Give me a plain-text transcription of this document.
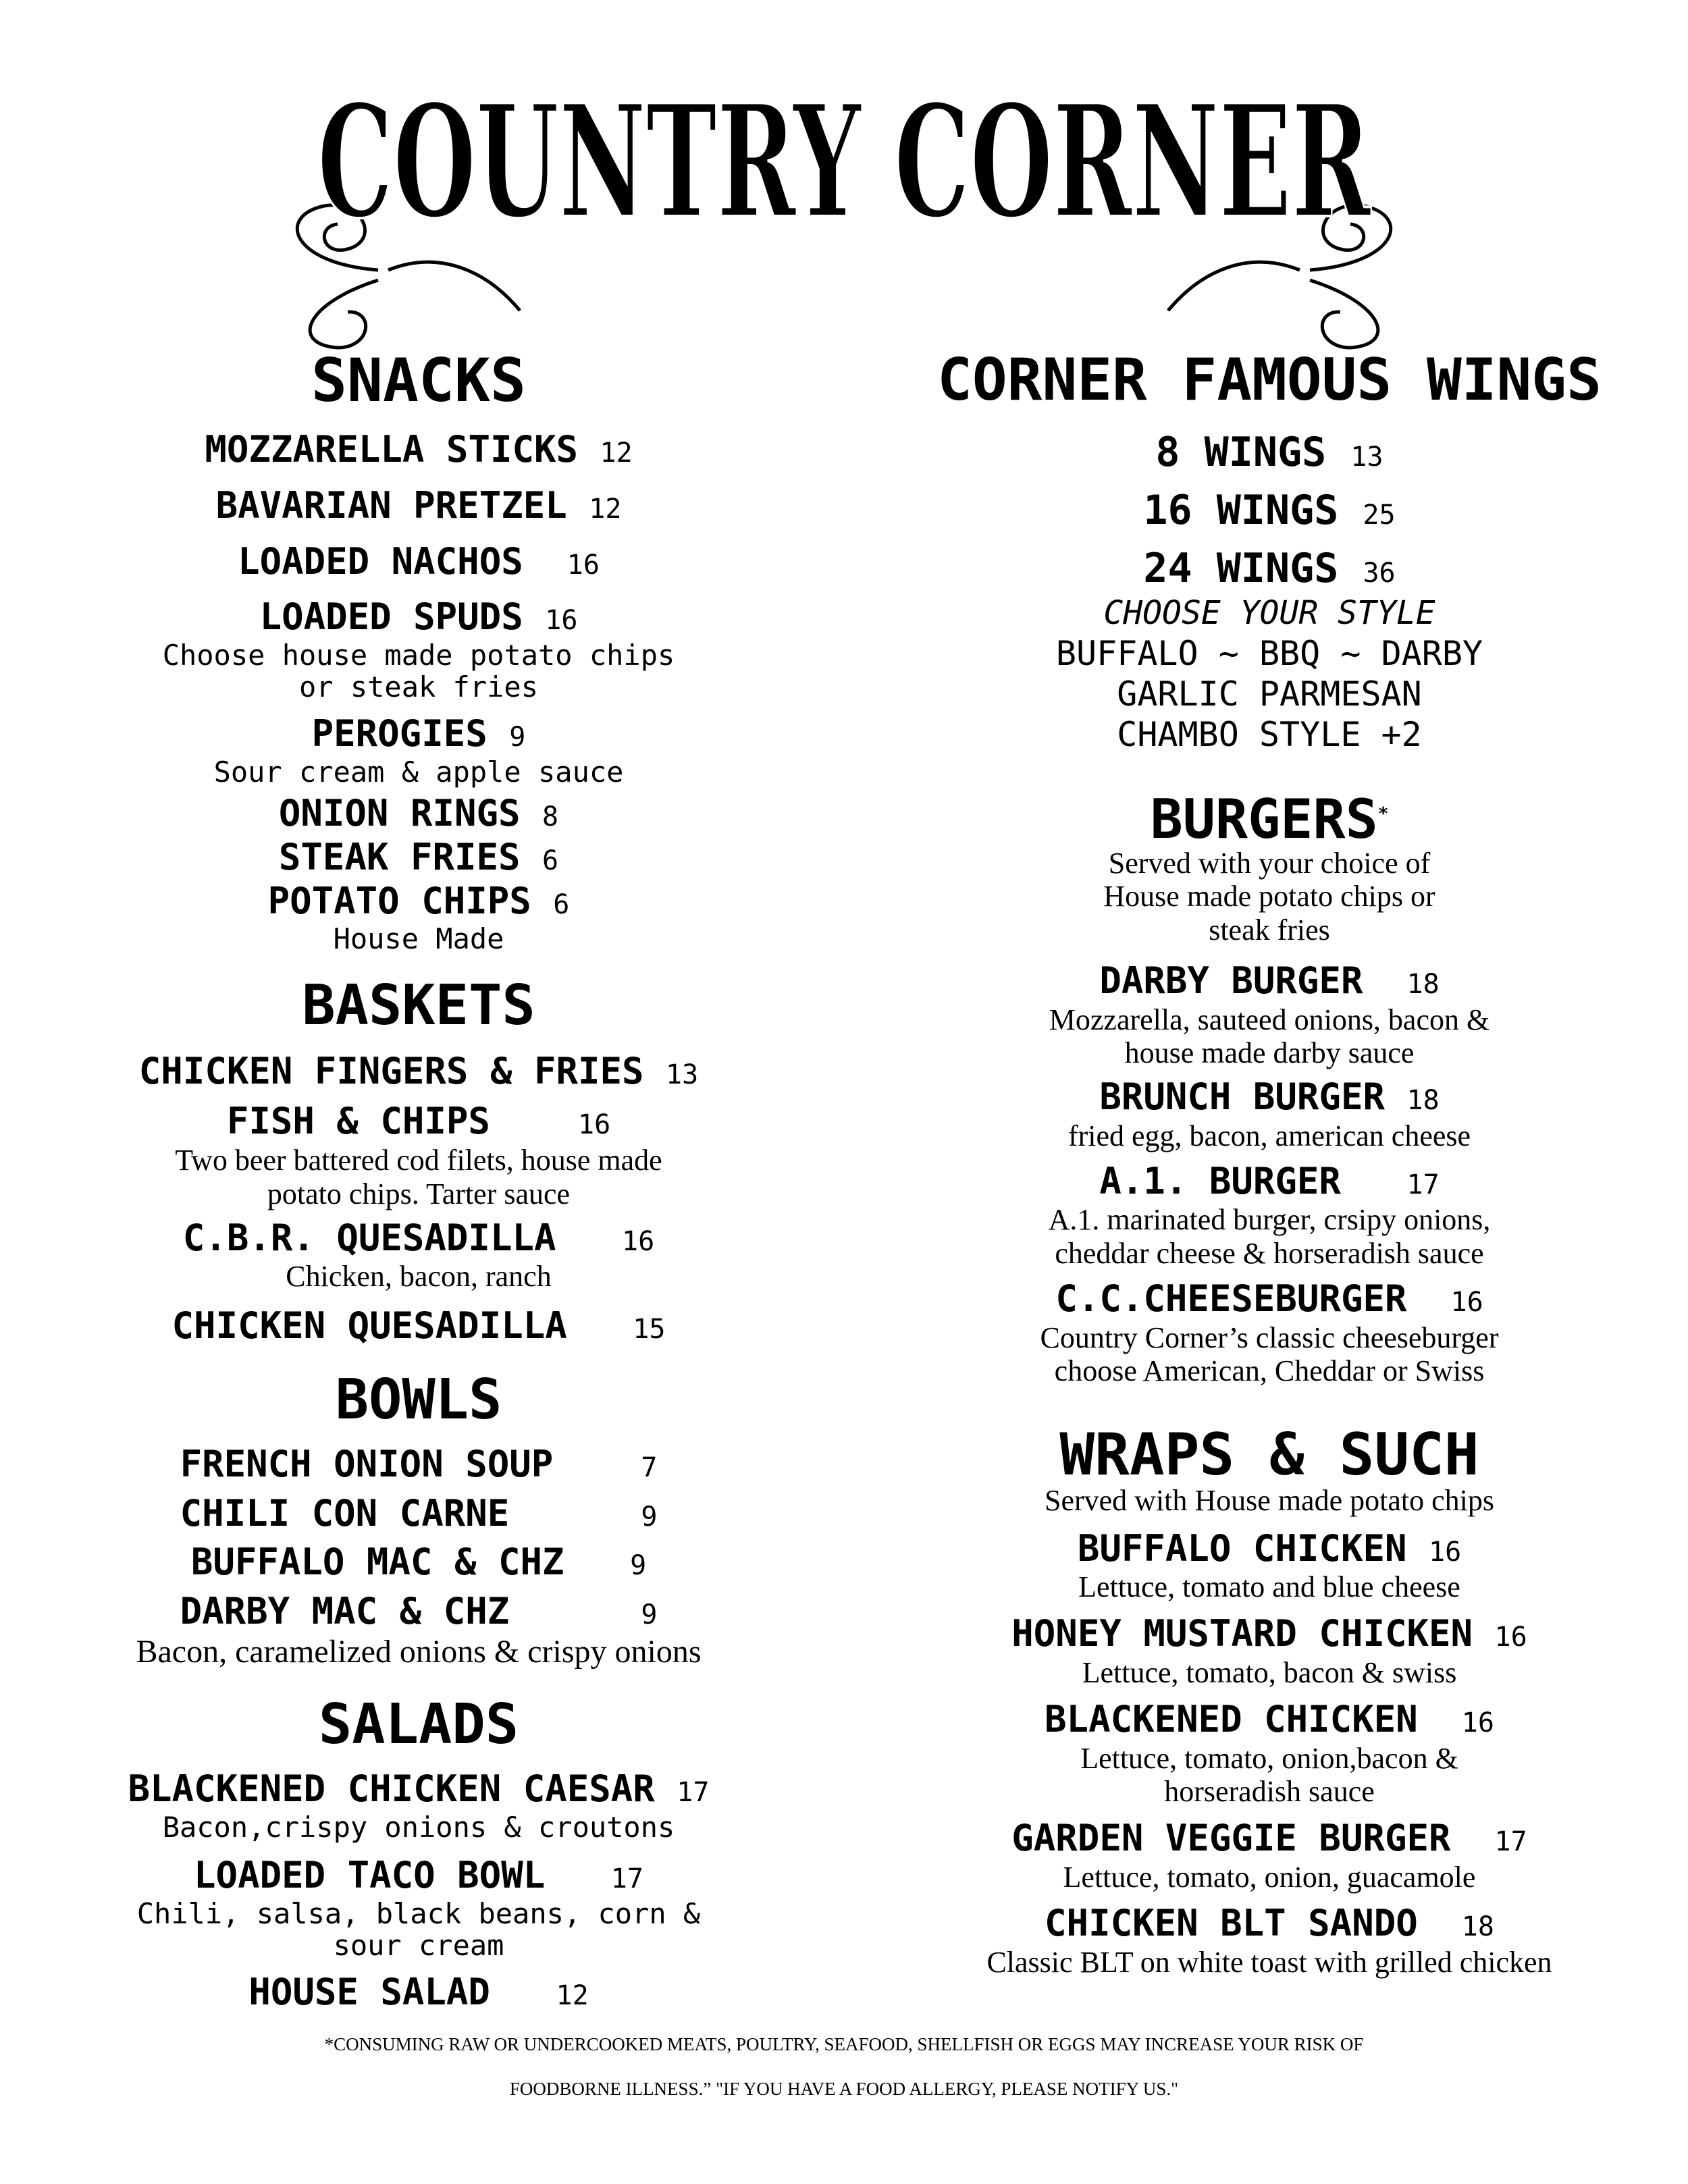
COUNTRY CORNER
SNACKS
MOZZARELLA STICKS 12
BAVARIAN PRETZEL 12
LOADED NACHOS 16
LOADED SPUDS 16
Choose house made potato chips
or steak fries
PEROGIES 9
Sour cream & apple sauce
ONION RINGS 8
STEAK FRIES 6
POTATO CHIPS 6
House Made
BASKETS
CHICKEN FINGERS & FRIES 13
FISH & CHIPS	16
Two beer battered cod filets, house made
potato chips. Tarter sauce
C.B.R. QUESADILLA 16
Chicken, bacon, ranch
CHICKEN QUESADILLA 15
BOWLS
FRENCH ONION SOUP	7
CHILI CON CARNE	9
BUFFALO MAC & CHZ 9
DARBY MAC & CHZ	9
Bacon, caramelized onions & crispy onions
SALADS
BLACKENED CHICKEN CAESAR 17
Bacon,crispy onions & croutons
LOADED TACO BOWL 17
Chili, salsa, black beans, corn &
sour cream
HOUSE SALAD 12
CORNER FAMOUS WINGS
8 WINGS 13
16 WINGS 25
24 WINGS 36
CHOOSE YOUR STYLE
BUFFALO ~ BBQ ~ DARBY
GARLIC PARMESAN
CHAMBO STYLE +2
BURGERS*
Served with your choice of
House made potato chips or
steak fries
DARBY BURGER 18
Mozzarella, sauteed onions, bacon &
house made darby sauce
BRUNCH BURGER 18
fried egg, bacon, american cheese
A.1. BURGER 17
A.1. marinated burger, crsipy onions,
cheddar cheese & horseradish sauce
C.C.CHEESEBURGER 16
Country Corner’s classic cheeseburger
choose American, Cheddar or Swiss
WRAPS & SUCH
Served with House made potato chips
BUFFALO CHICKEN 16
Lettuce, tomato and blue cheese
HONEY MUSTARD CHICKEN 16
Lettuce, tomato, bacon & swiss
BLACKENED CHICKEN 16
Lettuce, tomato, onion,bacon &
horseradish sauce
GARDEN VEGGIE BURGER 17
Lettuce, tomato, onion, guacamole
CHICKEN BLT SANDO 18
Classic BLT on white toast with grilled chicken
*CONSUMING RAW OR UNDERCOOKED MEATS, POULTRY, SEAFOOD, SHELLFISH OR EGGS MAY INCREASE YOUR RISK OF
FOODBORNE ILLNESS.” "IF YOU HAVE A FOOD ALLERGY, PLEASE NOTIFY US."
